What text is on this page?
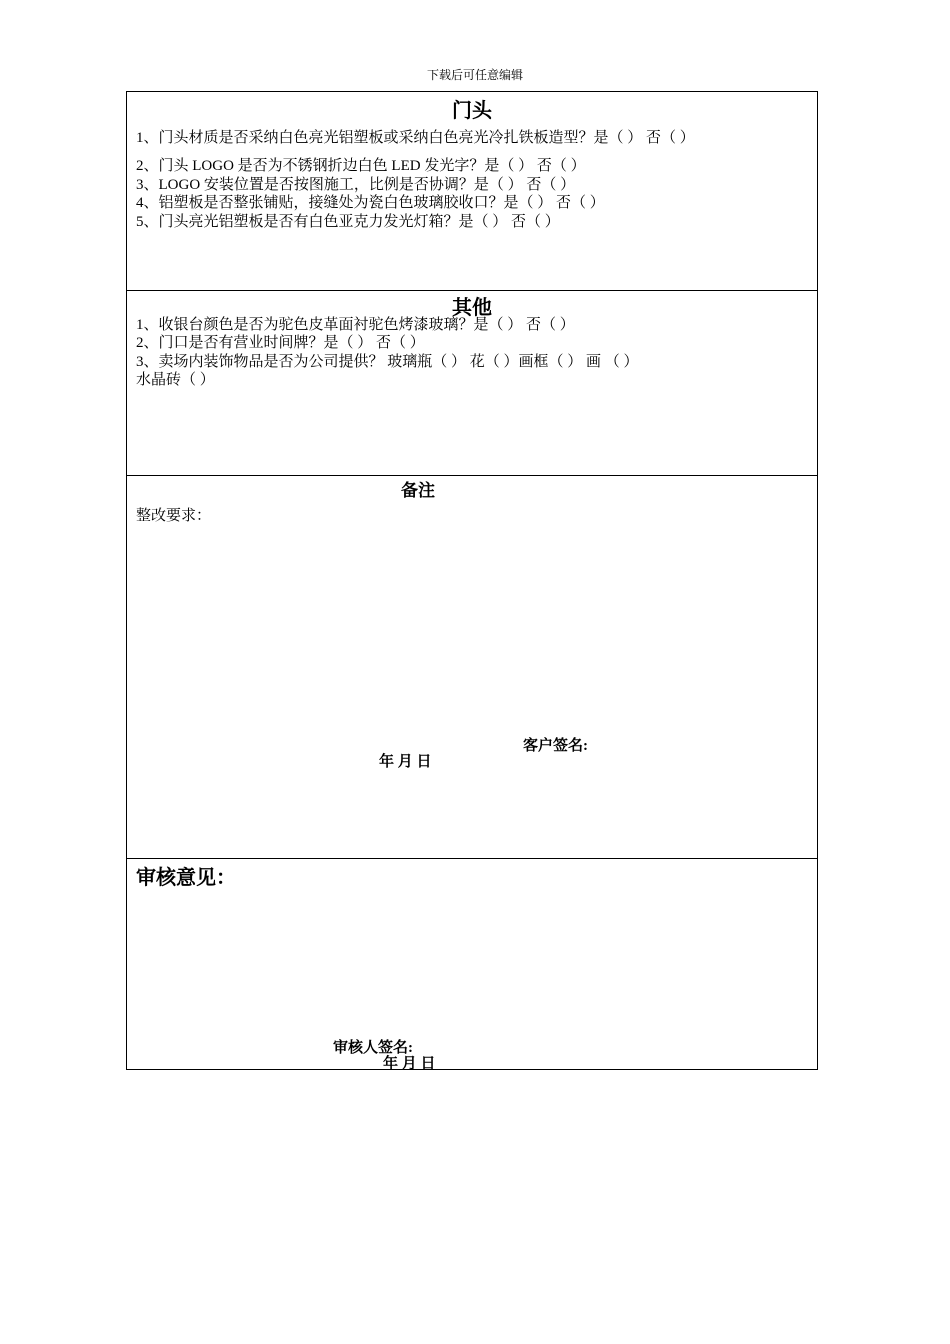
下载后可任意编辑
门头
1、门头材质是否采纳白色亮光铝塑板或采纳白色亮光冷扎铁板造型？是（ ） 否（ ）
2、门头 LOGO 是否为不锈钢折边白色 LED 发光字？是（ ） 否（ ）
3、LOGO 安装位置是否按图施工，比例是否协调？是（ ） 否（ ）
4、铝塑板是否整张铺贴，接缝处为瓷白色玻璃胶收口？是（ ） 否（ ）
5、门头亮光铝塑板是否有白色亚克力发光灯箱？是（ ） 否（ ）
其他
1、收银台颜色是否为驼色皮革面衬驼色烤漆玻璃？是（ ） 否（ ）
2、门口是否有营业时间牌？是（ ） 否（ ）
3、卖场内装饰物品是否为公司提供？ 玻璃瓶（ ） 花（ ）画框（ ） 画 （ ）
水晶砖（ ）
备注
整改要求：
客户签名:
年 月 日
审核意见：
审核人签名:
年 月 日
